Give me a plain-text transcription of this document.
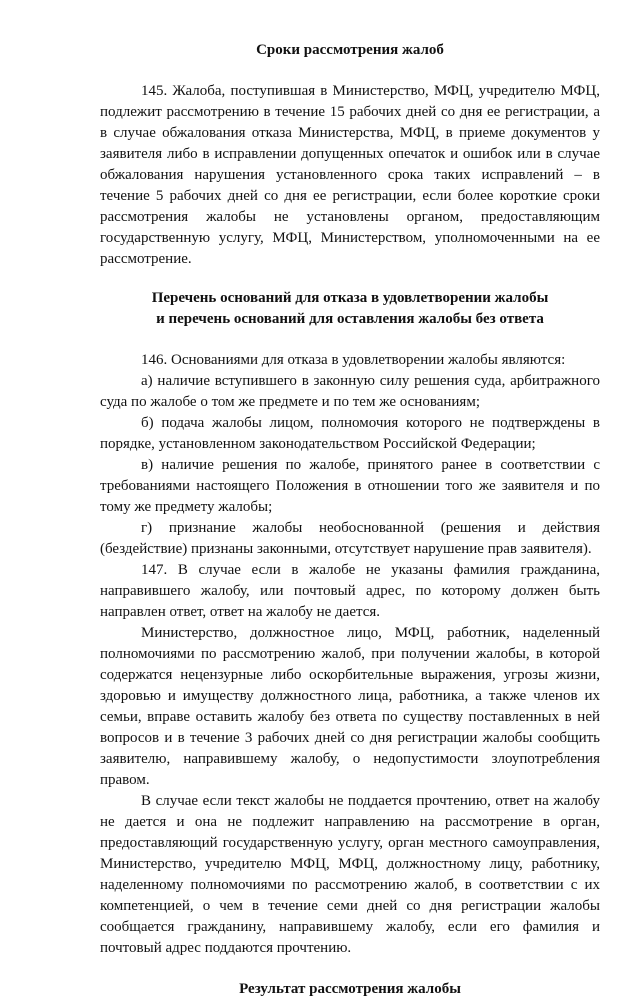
Сроки рассмотрения жалоб

145. Жалоба, поступившая в Министерство, МФЦ, учредителю МФЦ, подлежит рассмотрению в течение 15 рабочих дней со дня ее регистрации, а в случае обжалования отказа Министерства, МФЦ, в приеме документов у заявителя либо в исправлении допущенных опечаток и ошибок или в случае обжалования нарушения установленного срока таких исправлений – в течение 5 рабочих дней со дня ее регистрации, если более короткие сроки рассмотрения жалобы не установлены органом, предоставляющим государственную услугу, МФЦ, Министерством, уполномоченными на ее рассмотрение.

Перечень оснований для отказа в удовлетворении жалобы
и перечень оснований для оставления жалобы без ответа

146. Основаниями для отказа в удовлетворении жалобы являются:

а) наличие вступившего в законную силу решения суда, арбитражного суда по жалобе о том же предмете и по тем же основаниям;

б) подача жалобы лицом, полномочия которого не подтверждены в порядке, установленном законодательством Российской Федерации;

в) наличие решения по жалобе, принятого ранее в соответствии с требованиями настоящего Положения в отношении того же заявителя и по тому же предмету жалобы;

г) признание жалобы необоснованной (решения и действия (бездействие) признаны законными, отсутствует нарушение прав заявителя).

147. В случае если в жалобе не указаны фамилия гражданина, направившего жалобу, или почтовый адрес, по которому должен быть направлен ответ, ответ на жалобу не дается.

Министерство, должностное лицо, МФЦ, работник, наделенный полномочиями по рассмотрению жалоб, при получении жалобы, в которой содержатся нецензурные либо оскорбительные выражения, угрозы жизни, здоровью и имуществу должностного лица, работника, а также членов их семьи, вправе оставить жалобу без ответа по существу поставленных в ней вопросов и в течение 3 рабочих дней со дня регистрации жалобы сообщить заявителю, направившему жалобу, о недопустимости злоупотребления правом.

В случае если текст жалобы не поддается прочтению, ответ на жалобу не дается и она не подлежит направлению на рассмотрение в орган, предоставляющий государственную услугу, орган местного самоуправления, Министерство, учредителю МФЦ, МФЦ, должностному лицу, работнику, наделенному полномочиями по рассмотрению жалоб, в соответствии с их компетенцией, о чем в течение семи дней со дня регистрации жалобы сообщается гражданину, направившему жалобу, если его фамилия и почтовый адрес поддаются прочтению.

Результат рассмотрения жалобы
